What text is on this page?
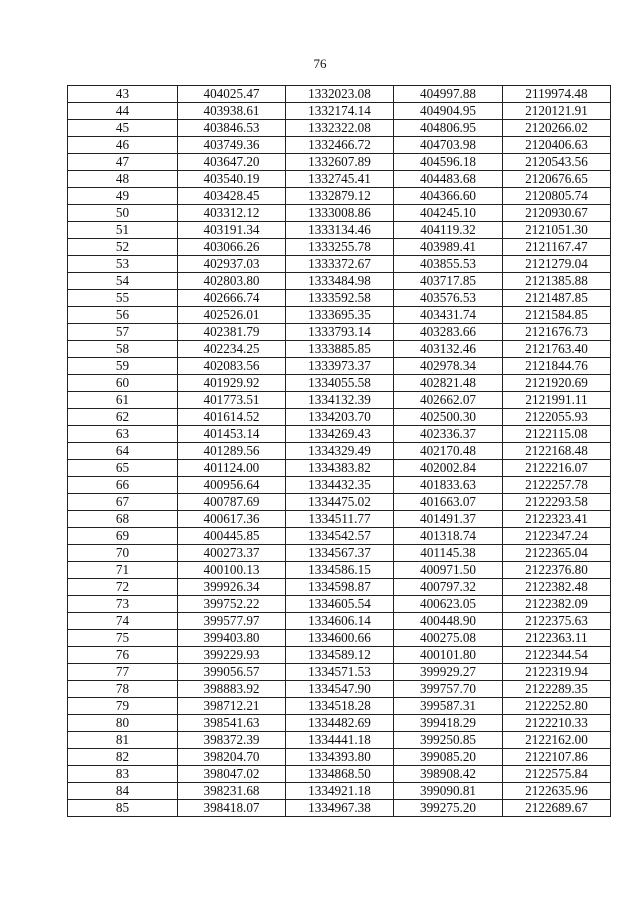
76
43	404025.47	1332023.08	404997.88	2119974.48
44	403938.61	1332174.14	404904.95	2120121.91
45	403846.53	1332322.08	404806.95	2120266.02
46	403749.36	1332466.72	404703.98	2120406.63
47	403647.20	1332607.89	404596.18	2120543.56
48	403540.19	1332745.41	404483.68	2120676.65
49	403428.45	1332879.12	404366.60	2120805.74
50	403312.12	1333008.86	404245.10	2120930.67
51	403191.34	1333134.46	404119.32	2121051.30
52	403066.26	1333255.78	403989.41	2121167.47
53	402937.03	1333372.67	403855.53	2121279.04
54	402803.80	1333484.98	403717.85	2121385.88
55	402666.74	1333592.58	403576.53	2121487.85
56	402526.01	1333695.35	403431.74	2121584.85
57	402381.79	1333793.14	403283.66	2121676.73
58	402234.25	1333885.85	403132.46	2121763.40
59	402083.56	1333973.37	402978.34	2121844.76
60	401929.92	1334055.58	402821.48	2121920.69
61	401773.51	1334132.39	402662.07	2121991.11
62	401614.52	1334203.70	402500.30	2122055.93
63	401453.14	1334269.43	402336.37	2122115.08
64	401289.56	1334329.49	402170.48	2122168.48
65	401124.00	1334383.82	402002.84	2122216.07
66	400956.64	1334432.35	401833.63	2122257.78
67	400787.69	1334475.02	401663.07	2122293.58
68	400617.36	1334511.77	401491.37	2122323.41
69	400445.85	1334542.57	401318.74	2122347.24
70	400273.37	1334567.37	401145.38	2122365.04
71	400100.13	1334586.15	400971.50	2122376.80
72	399926.34	1334598.87	400797.32	2122382.48
73	399752.22	1334605.54	400623.05	2122382.09
74	399577.97	1334606.14	400448.90	2122375.63
75	399403.80	1334600.66	400275.08	2122363.11
76	399229.93	1334589.12	400101.80	2122344.54
77	399056.57	1334571.53	399929.27	2122319.94
78	398883.92	1334547.90	399757.70	2122289.35
79	398712.21	1334518.28	399587.31	2122252.80
80	398541.63	1334482.69	399418.29	2122210.33
81	398372.39	1334441.18	399250.85	2122162.00
82	398204.70	1334393.80	399085.20	2122107.86
83	398047.02	1334868.50	398908.42	2122575.84
84	398231.68	1334921.18	399090.81	2122635.96
85	398418.07	1334967.38	399275.20	2122689.67
